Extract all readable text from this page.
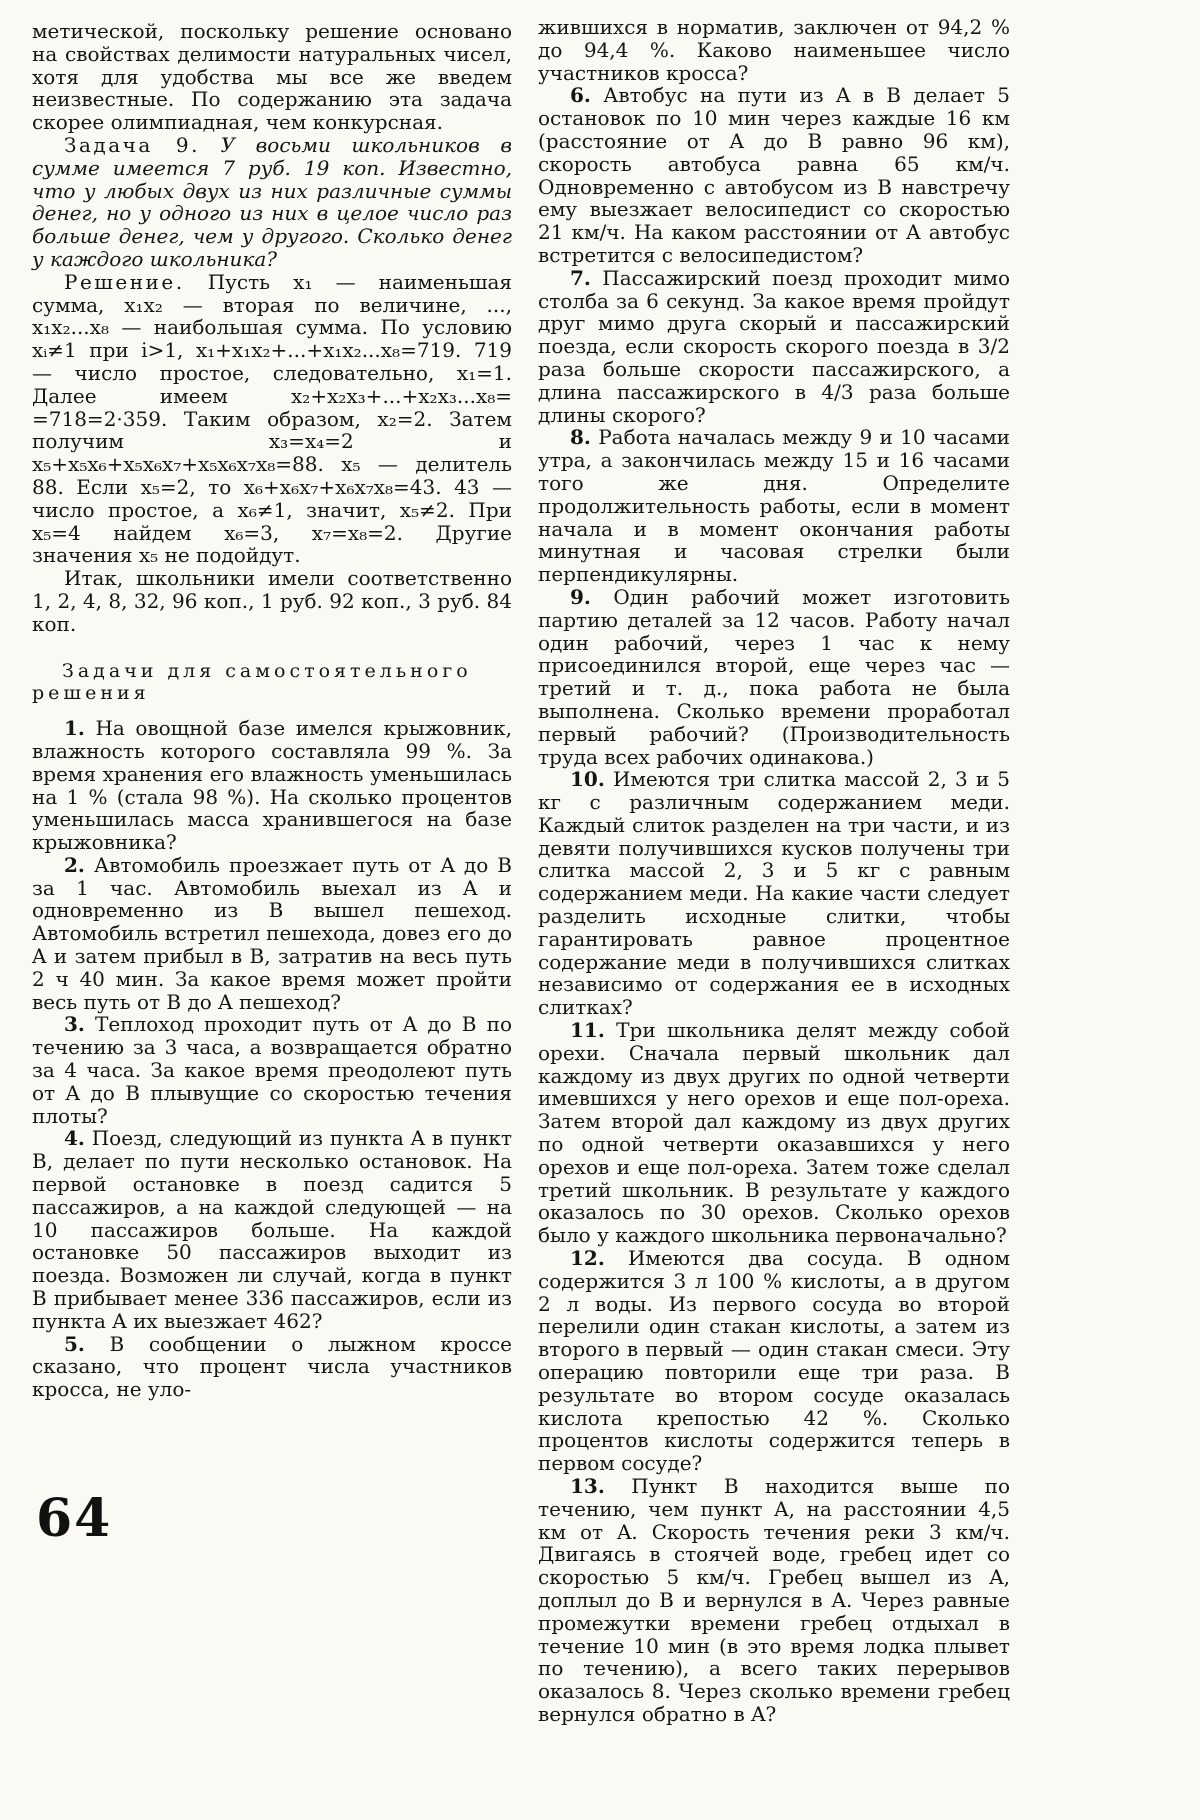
метической, поскольку решение основано на свойствах делимости натуральных чисел, хотя для удобства мы все же введем неизвестные. По содержанию эта задача скорее олимпиадная, чем конкурсная.

Задача 9. У восьми школьников в сумме имеется 7 руб. 19 коп. Известно, что у любых двух из них различные суммы денег, но у одного из них в целое число раз больше денег, чем у другого. Сколько денег у каждого школьника?

Решение. Пусть x₁ — наименьшая сумма, x₁x₂ — вторая по величине, ..., x₁x₂...x₈ — наибольшая сумма. По условию xᵢ≠1 при i>1, x₁+x₁x₂+...+x₁x₂...x₈=719. 719 — число простое, следовательно, x₁=1. Далее имеем x₂+x₂x₃+...+x₂x₃...x₈= =718=2·359. Таким образом, x₂=2. Затем получим x₃=x₄=2 и x₅+x₅x₆+x₅x₆x₇+x₅x₆x₇x₈=88. x₅ — делитель 88. Если x₅=2, то x₆+x₆x₇+x₆x₇x₈=43. 43 — число простое, а x₆≠1, значит, x₅≠2. При x₅=4 найдем x₆=3, x₇=x₈=2. Другие значения x₅ не подойдут.

Итак, школьники имели соответственно 1, 2, 4, 8, 32, 96 коп., 1 руб. 92 коп., 3 руб. 84 коп.

Задачи для самостоятельного решения

1. На овощной базе имелся крыжовник, влажность которого составляла 99 %. За время хранения его влажность уменьшилась на 1 % (стала 98 %). На сколько процентов уменьшилась масса хранившегося на базе крыжовника?

2. Автомобиль проезжает путь от A до B за 1 час. Автомобиль выехал из A и одновременно из B вышел пешеход. Автомобиль встретил пешехода, довез его до A и затем прибыл в B, затратив на весь путь 2 ч 40 мин. За какое время может пройти весь путь от B до A пешеход?

3. Теплоход проходит путь от A до B по течению за 3 часа, а возвращается обратно за 4 часа. За какое время преодолеют путь от A до B плывущие со скоростью течения плоты?

4. Поезд, следующий из пункта A в пункт B, делает по пути несколько остановок. На первой остановке в поезд садится 5 пассажиров, а на каждой следующей — на 10 пассажиров больше. На каждой остановке 50 пассажиров выходит из поезда. Возможен ли случай, когда в пункт B прибывает менее 336 пассажиров, если из пункта A их выезжает 462?

5. В сообщении о лыжном кроссе сказано, что процент числа участников кросса, не уло-

жившихся в норматив, заключен от 94,2 % до 94,4 %. Каково наименьшее число участников кросса?

6. Автобус на пути из A в B делает 5 остановок по 10 мин через каждые 16 км (расстояние от A до B равно 96 км), скорость автобуса равна 65 км/ч. Одновременно с автобусом из B навстречу ему выезжает велосипедист со скоростью 21 км/ч. На каком расстоянии от A автобус встретится с велосипедистом?

7. Пассажирский поезд проходит мимо столба за 6 секунд. За какое время пройдут друг мимо друга скорый и пассажирский поезда, если скорость скорого поезда в 3/2 раза больше скорости пассажирского, а длина пассажирского в 4/3 раза больше длины скорого?

8. Работа началась между 9 и 10 часами утра, а закончилась между 15 и 16 часами того же дня. Определите продолжительность работы, если в момент начала и в момент окончания работы минутная и часовая стрелки были перпендикулярны.

9. Один рабочий может изготовить партию деталей за 12 часов. Работу начал один рабочий, через 1 час к нему присоединился второй, еще через час — третий и т. д., пока работа не была выполнена. Сколько времени проработал первый рабочий? (Производительность труда всех рабочих одинакова.)

10. Имеются три слитка массой 2, 3 и 5 кг с различным содержанием меди. Каждый слиток разделен на три части, и из девяти получившихся кусков получены три слитка массой 2, 3 и 5 кг с равным содержанием меди. На какие части следует разделить исходные слитки, чтобы гарантировать равное процентное содержание меди в получившихся слитках независимо от содержания ее в исходных слитках?

11. Три школьника делят между собой орехи. Сначала первый школьник дал каждому из двух других по одной четверти имевшихся у него орехов и еще пол-ореха. Затем второй дал каждому из двух других по одной четверти оказавшихся у него орехов и еще пол-ореха. Затем тоже сделал третий школьник. В результате у каждого оказалось по 30 орехов. Сколько орехов было у каждого школьника первоначально?

12. Имеются два сосуда. В одном содержится 3 л 100 % кислоты, а в другом 2 л воды. Из первого сосуда во второй перелили один стакан кислоты, а затем из второго в первый — один стакан смеси. Эту операцию повторили еще три раза. В результате во втором сосуде оказалась кислота крепостью 42 %. Сколько процентов кислоты содержится теперь в первом сосуде?

13. Пункт B находится выше по течению, чем пункт A, на расстоянии 4,5 км от A. Скорость течения реки 3 км/ч. Двигаясь в стоячей воде, гребец идет со скоростью 5 км/ч. Гребец вышел из A, доплыл до B и вернулся в A. Через равные промежутки времени гребец отдыхал в течение 10 мин (в это время лодка плывет по течению), а всего таких перерывов оказалось 8. Через сколько времени гребец вернулся обратно в A?

64
